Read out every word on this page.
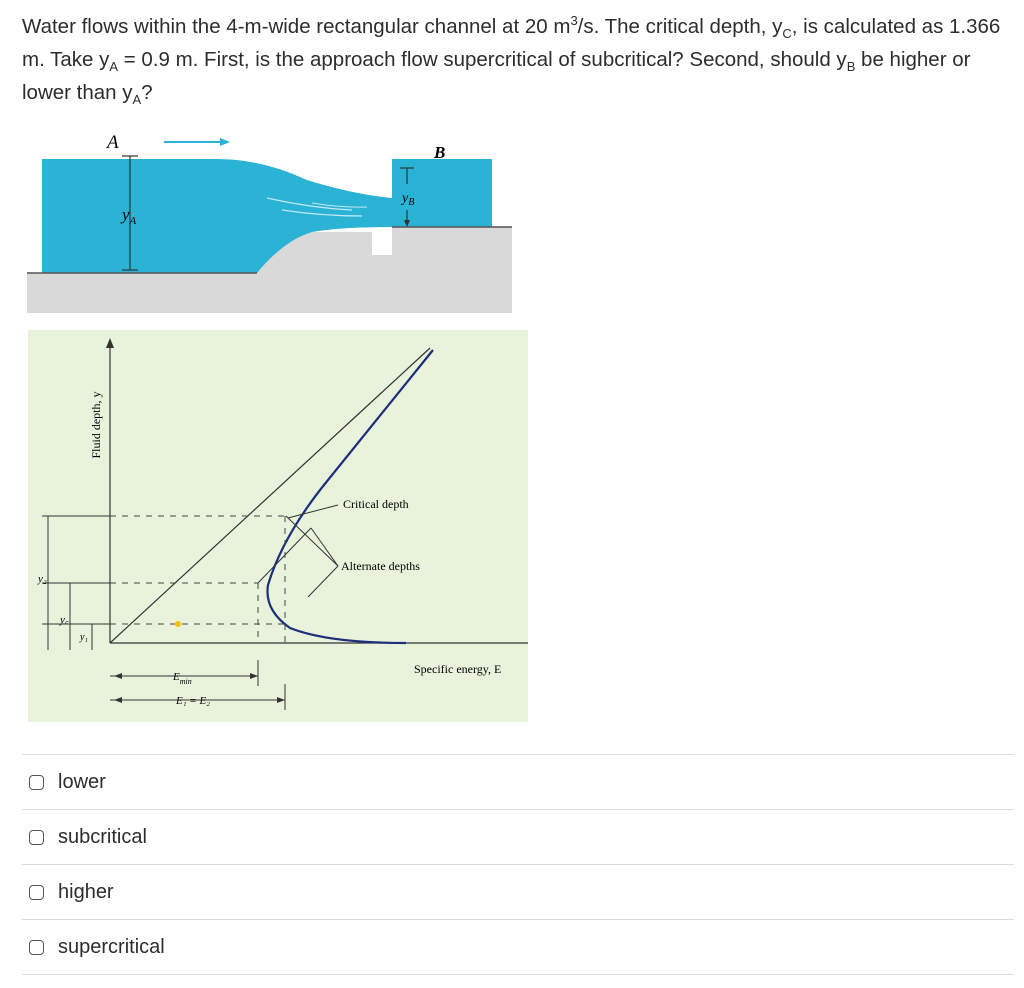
Water flows within the 4-m-wide rectangular channel at 20 $m^3/s$. The critical depth, $y_C$, is calculated as 1.366 m. Take $y_A = 0.9$ m. First, is the approach flow supercritical of subcritical? Second, should $y_B$ be higher or lower than $y_A$?
A	B
$y_A$
$y_B$
Fluid depth, y
Specific energy, E
y₂
y꜀
y₁
Critical depth
Alternate depths
$E_{min}$
E₁ = E₂
lower
subcritical
higher
supercritical
